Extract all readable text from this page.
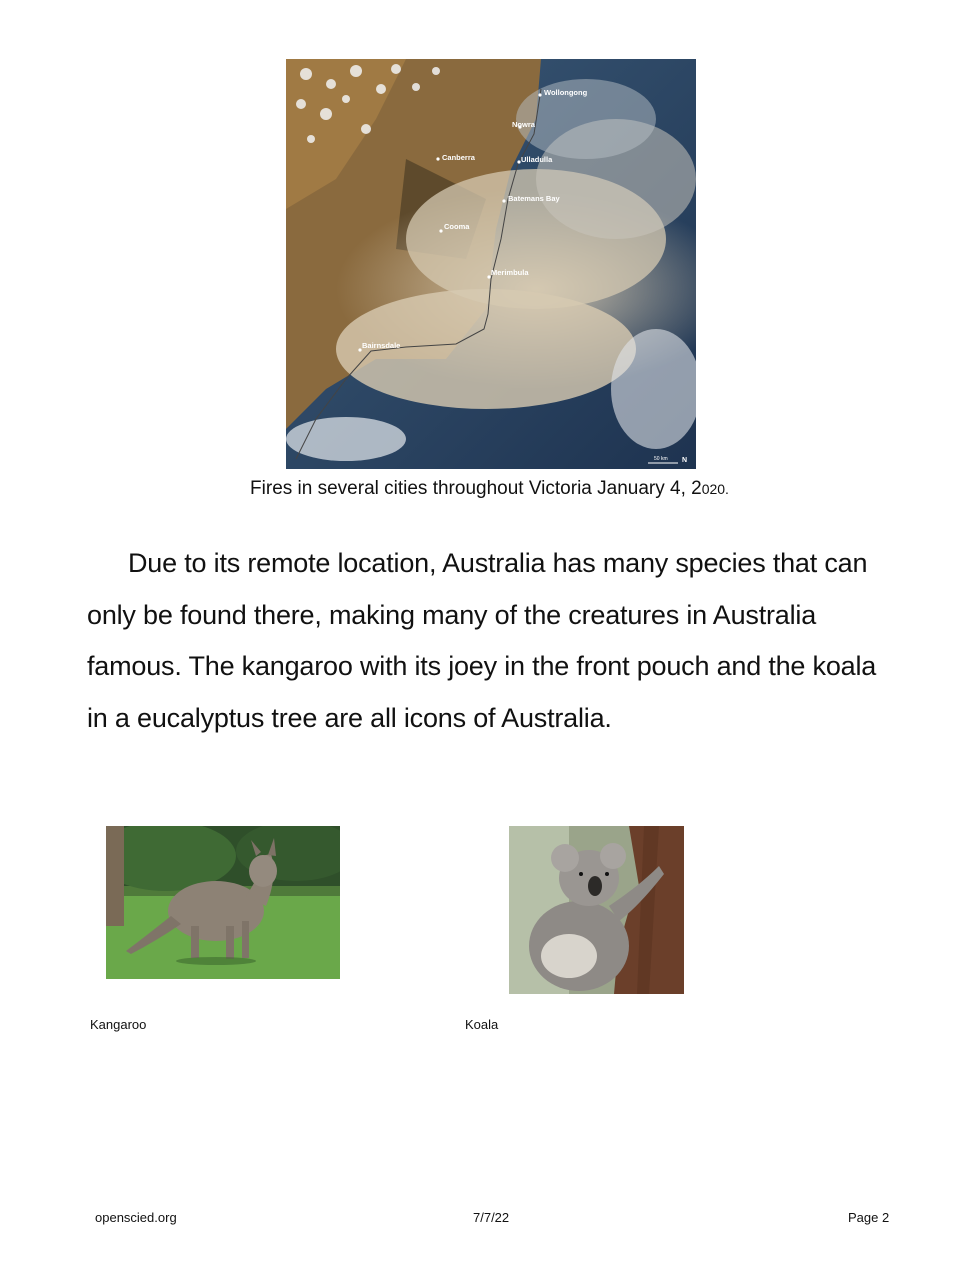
Wollongong
Nowra
Canberra	Ulladulla
Batemans Bay
Cooma
Merimbula
Bairnsdale
50 km N
Fires in several cities throughout Victoria January 4, 2020.
Due to its remote location, Australia has many species that can only be found there, making many of the creatures in Australia famous. The kangaroo with its joey in the front pouch and the koala in a eucalyptus tree are all icons of Australia.
Kangaroo	Koala
openscied.org	7/7/22	Page 2
